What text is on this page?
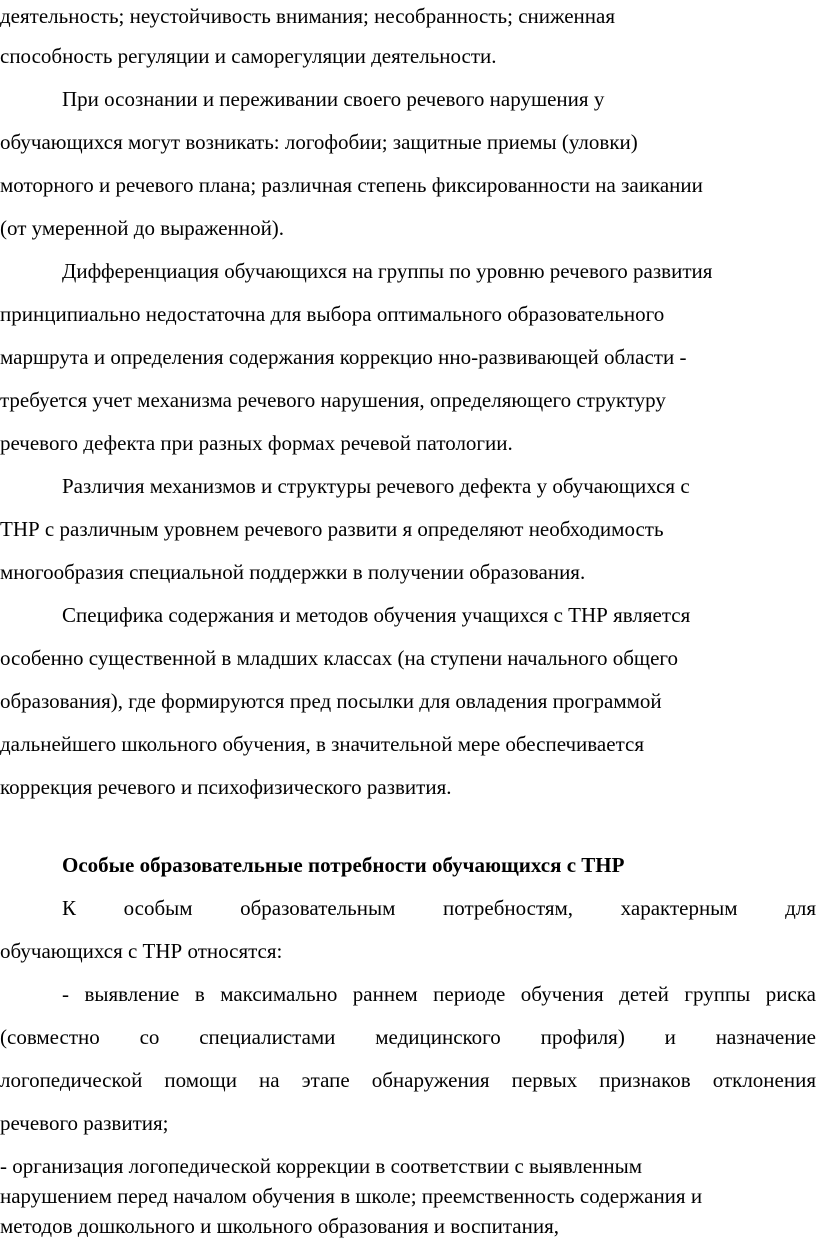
деятельность; неустойчивость внимания; несобранность; сниженная
способность регуляции и саморегуляции деятельности.
При осознании и переживании своего речевого нарушения у
обучающихся могут возникать: логофобии; защитные приемы (уловки)
моторного и речевого плана; различная степень фиксированности на заикании
(от умеренной до выраженной).
Дифференциация обучающихся на группы по уровню речевого развития
принципиально недостаточна для выбора оптимального образовательного
маршрута и определения содержания коррекцио нно-развивающей области -
требуется учет механизма речевого нарушения, определяющего структуру
речевого дефекта при разных формах речевой патологии.
Различия механизмов и структуры речевого дефекта у обучающихся с
ТНР с различным уровнем речевого развити я определяют необходимость
многообразия специальной поддержки в получении образования.
Специфика содержания и методов обучения учащихся с ТНР является
особенно существенной в младших классах (на ступени начального общего
образования), где формируются пред посылки для овладения программой
дальнейшего школьного обучения, в значительной мере обеспечивается
коррекция речевого и психофизического развития.
Особые образовательные потребности обучающихся с ТНР
К особым образовательным потребностям, характерным для
обучающихся с ТНР относятся:
- выявление в максимально раннем периоде обучения детей группы риска
(совместно со специалистами медицинского профиля) и назначение
логопедической помощи на этапе обнаружения первых признаков отклонения
речевого развития;
- организация логопедической коррекции в соответствии с выявленным
нарушением перед началом обучения в школе; преемственность содержания и
методов дошкольного и школьного образования и воспитания,
